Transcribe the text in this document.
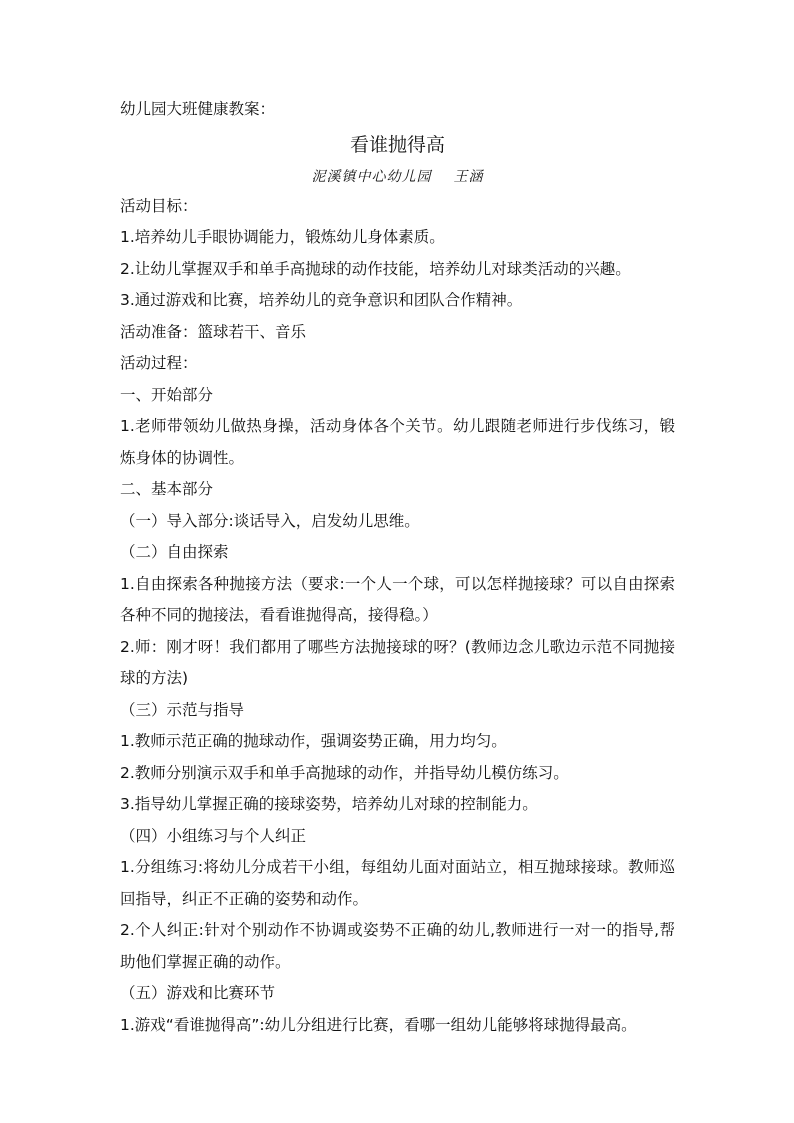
幼儿园大班健康教案：

看谁抛得高

泥溪镇中心幼儿园 王涵

活动目标：

1.培养幼儿手眼协调能力，锻炼幼儿身体素质。

2.让幼儿掌握双手和单手高抛球的动作技能，培养幼儿对球类活动的兴趣。

3.通过游戏和比赛，培养幼儿的竞争意识和团队合作精神。

活动准备：篮球若干、音乐

活动过程：

一、开始部分

1.老师带领幼儿做热身操，活动身体各个关节。幼儿跟随老师进行步伐练习，锻炼身体的协调性。

二、基本部分

（一）导入部分:谈话导入，启发幼儿思维。

（二）自由探索

1.自由探索各种抛接方法（要求:一个人一个球，可以怎样抛接球？可以自由探索各种不同的抛接法，看看谁抛得高，接得稳。）

2.师：刚才呀！我们都用了哪些方法抛接球的呀？(教师边念儿歌边示范不同抛接球的方法)

（三）示范与指导

1.教师示范正确的抛球动作，强调姿势正确，用力均匀。

2.教师分别演示双手和单手高抛球的动作，并指导幼儿模仿练习。

3.指导幼儿掌握正确的接球姿势，培养幼儿对球的控制能力。

（四）小组练习与个人纠正

1.分组练习:将幼儿分成若干小组，每组幼儿面对面站立，相互抛球接球。教师巡回指导，纠正不正确的姿势和动作。

2.个人纠正:针对个别动作不协调或姿势不正确的幼儿,教师进行一对一的指导,帮助他们掌握正确的动作。

（五）游戏和比赛环节

1.游戏“看谁抛得高”:幼儿分组进行比赛，看哪一组幼儿能够将球抛得最高。
